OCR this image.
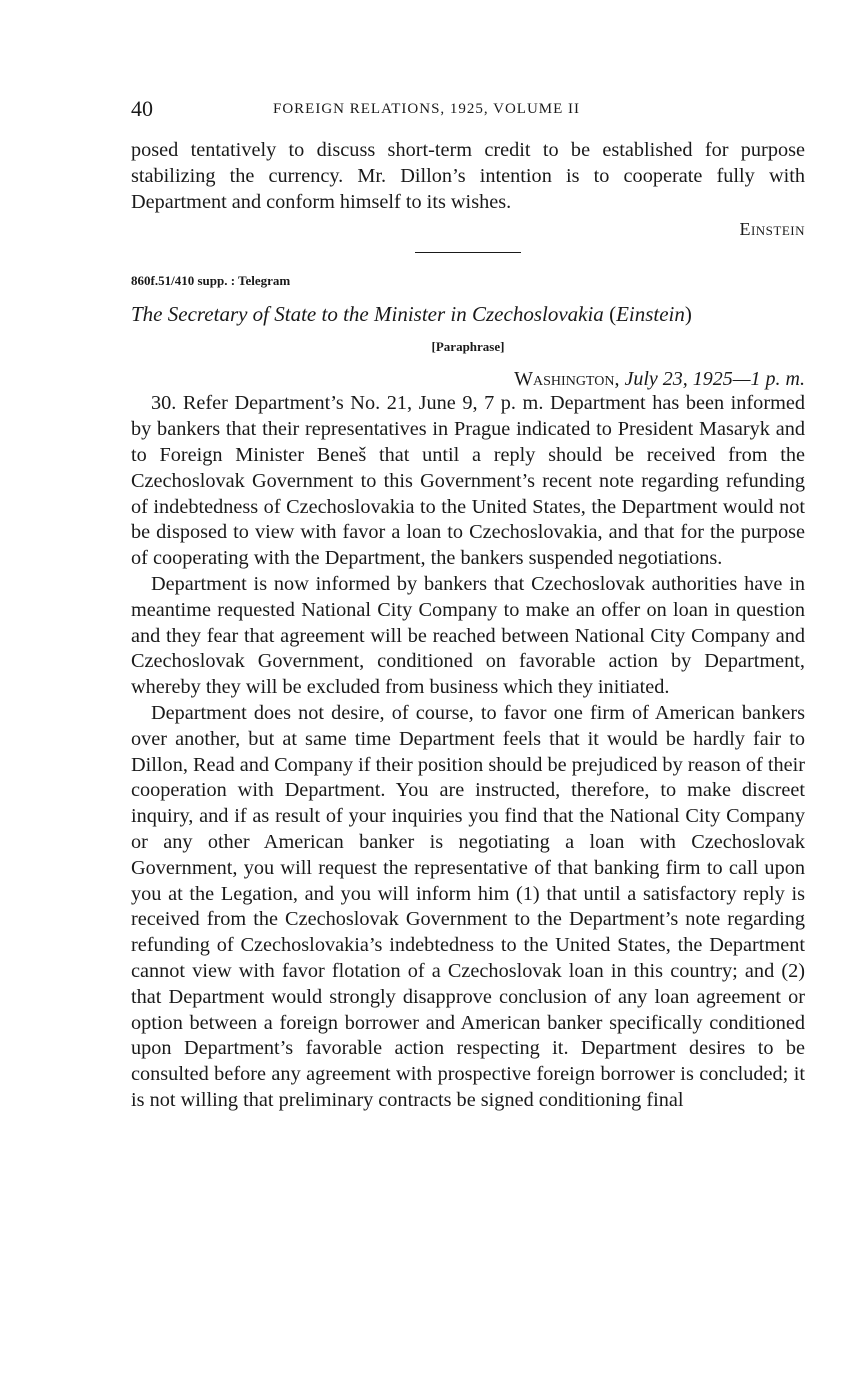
40	FOREIGN RELATIONS, 1925, VOLUME II

posed tentatively to discuss short-term credit to be established for purpose stabilizing the currency. Mr. Dillon’s intention is to cooperate fully with Department and conform himself to its wishes.

Einstein
860f.51/410 supp. : Telegram
The Secretary of State to the Minister in Czechoslovakia (Einstein)
[Paraphrase]
Washington, July 23, 1925—1 p. m.

30. Refer Department’s No. 21, June 9, 7 p. m. Department has been informed by bankers that their representatives in Prague indicated to President Masaryk and to Foreign Minister Beneš that until a reply should be received from the Czechoslovak Government to this Government’s recent note regarding refunding of indebtedness of Czechoslovakia to the United States, the Department would not be disposed to view with favor a loan to Czechoslovakia, and that for the purpose of cooperating with the Department, the bankers suspended negotiations.

Department is now informed by bankers that Czechoslovak authorities have in meantime requested National City Company to make an offer on loan in question and they fear that agreement will be reached between National City Company and Czechoslovak Government, conditioned on favorable action by Department, whereby they will be excluded from business which they initiated.

Department does not desire, of course, to favor one firm of American bankers over another, but at same time Department feels that it would be hardly fair to Dillon, Read and Company if their position should be prejudiced by reason of their cooperation with Department. You are instructed, therefore, to make discreet inquiry, and if as result of your inquiries you find that the National City Company or any other American banker is negotiating a loan with Czechoslovak Government, you will request the representative of that banking firm to call upon you at the Legation, and you will inform him (1) that until a satisfactory reply is received from the Czechoslovak Government to the Department’s note regarding refunding of Czechoslovakia’s indebtedness to the United States, the Department cannot view with favor flotation of a Czechoslovak loan in this country; and (2) that Department would strongly disapprove conclusion of any loan agreement or option between a foreign borrower and American banker specifically conditioned upon Department’s favorable action respecting it. Department desires to be consulted before any agreement with prospective foreign borrower is concluded; it is not willing that preliminary contracts be signed conditioning final
